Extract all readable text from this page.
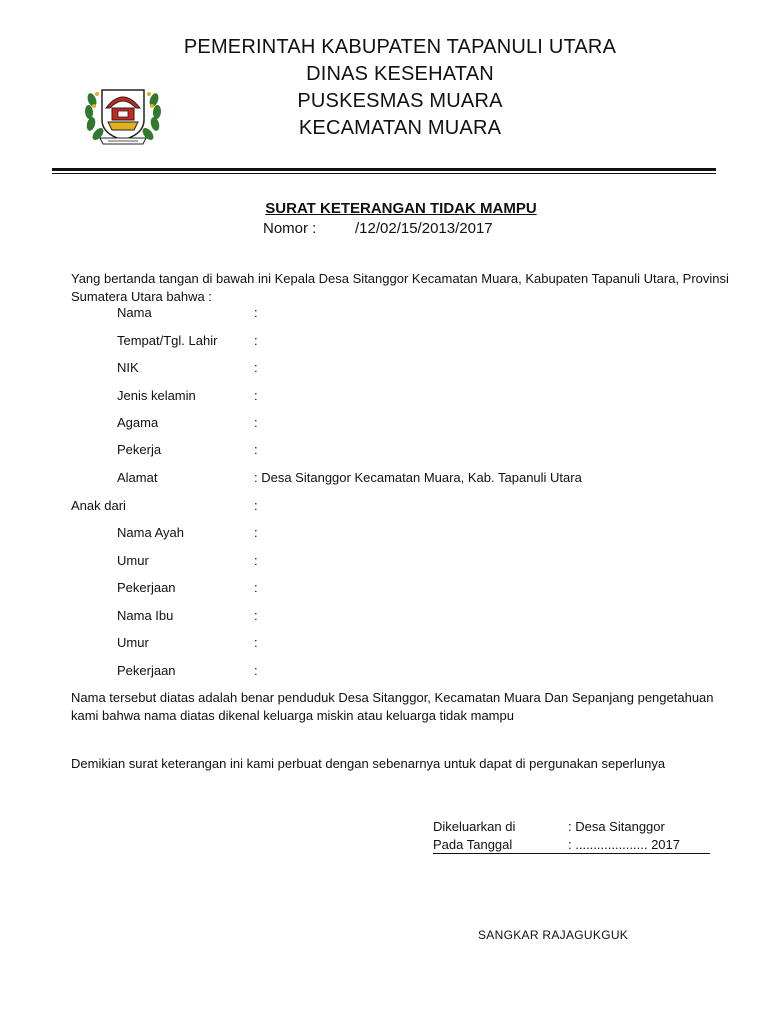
PEMERINTAH KABUPATEN TAPANULI UTARA
DINAS KESEHATAN
PUSKESMAS MUARA
KECAMATAN MUARA
SURAT KETERANGAN TIDAK MAMPU
Nomor :	/12/02/15/2013/2017
Yang bertanda tangan di bawah ini Kepala Desa Sitanggor Kecamatan Muara, Kabupaten Tapanuli Utara, Provinsi Sumatera Utara bahwa :
Nama	:
Tempat/Tgl. Lahir	:
NIK	:
Jenis kelamin	:
Agama	:
Pekerja	:
Alamat	: Desa Sitanggor Kecamatan Muara, Kab. Tapanuli Utara
Anak dari	:
Nama Ayah	:
Umur	:
Pekerjaan	:
Nama Ibu	:
Umur	:
Pekerjaan	:
Nama tersebut diatas adalah benar penduduk Desa Sitanggor, Kecamatan Muara Dan Sepanjang pengetahuan kami bahwa nama diatas dikenal keluarga miskin atau keluarga tidak mampu
Demikian surat keterangan ini kami perbuat dengan sebenarnya untuk dapat di pergunakan seperlunya
Dikeluarkan di	: Desa Sitanggor
Pada Tanggal	: .................... 2017
SANGKAR RAJAGUKGUK
